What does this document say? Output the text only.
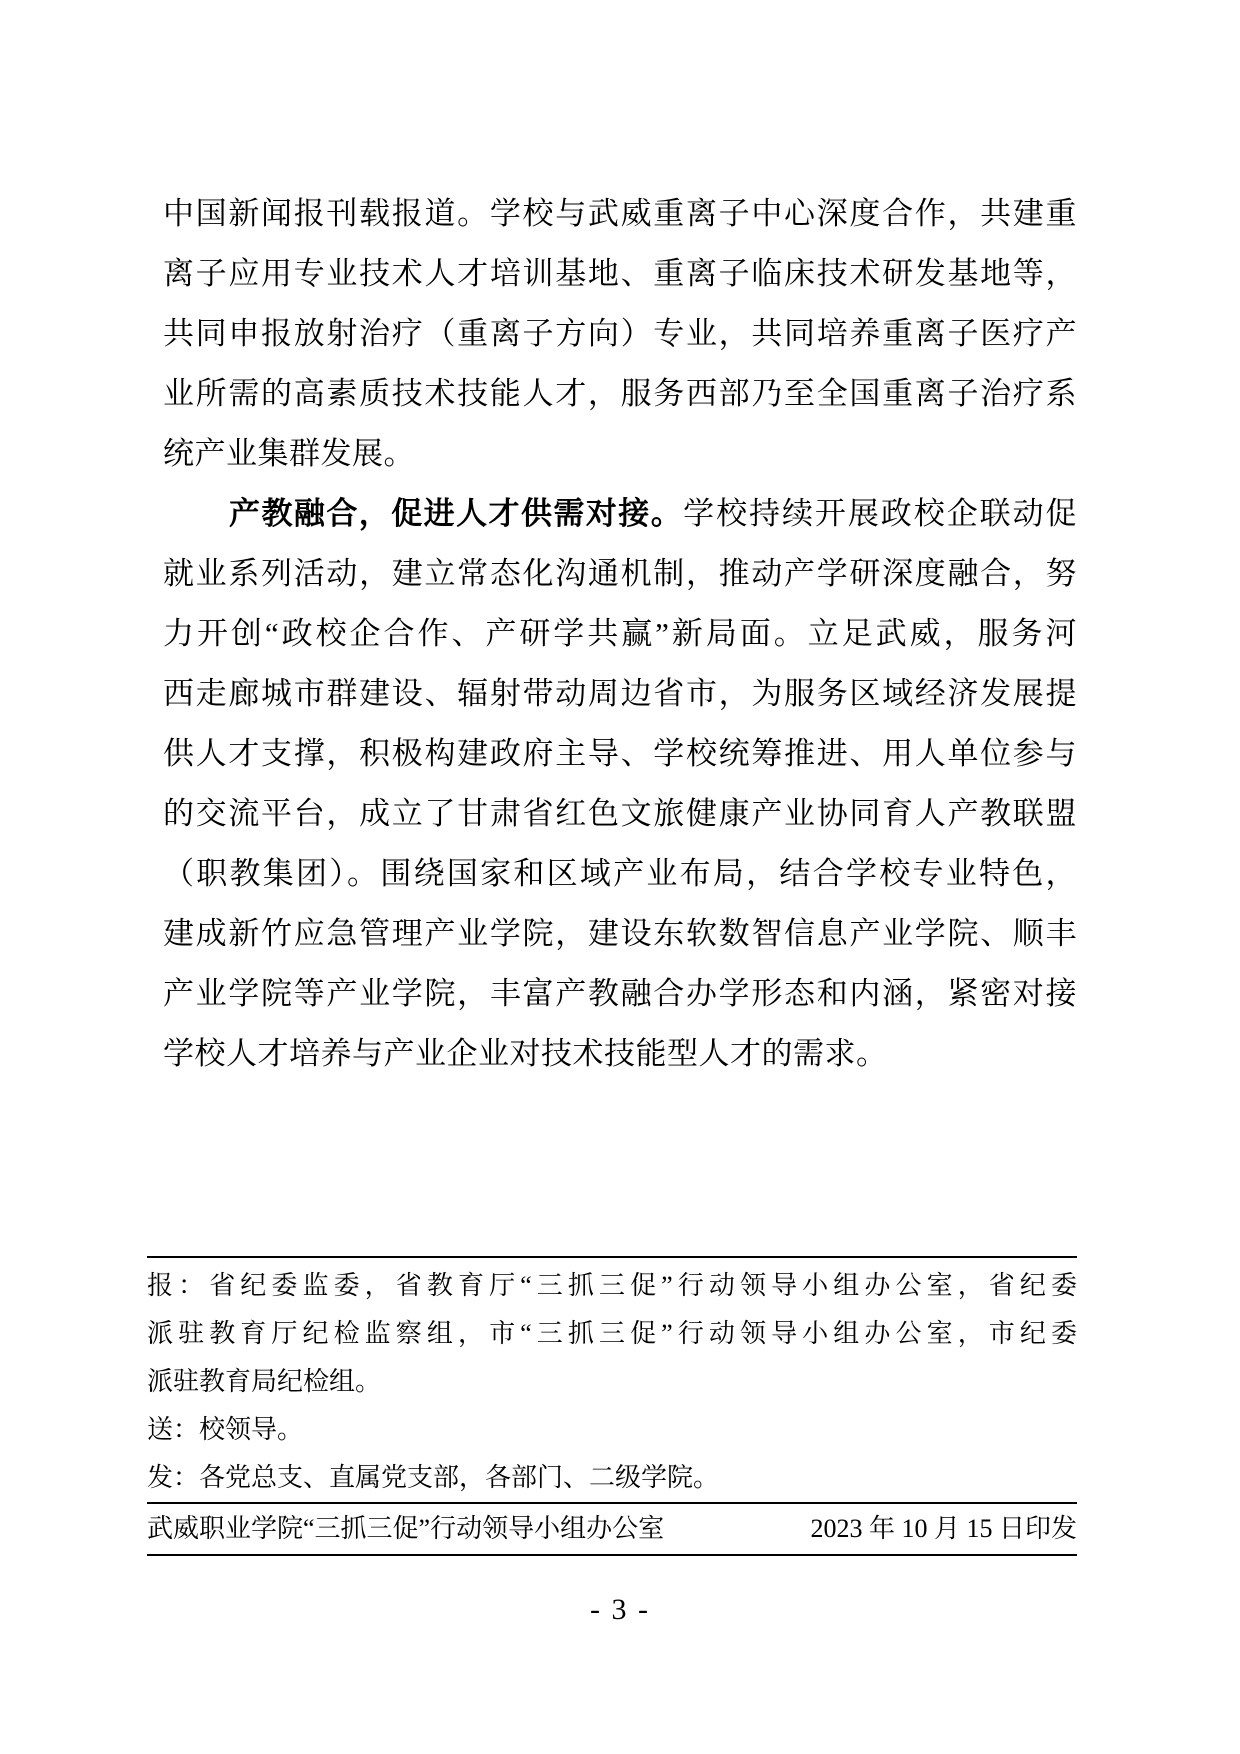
中国新闻报刊载报道。学校与武威重离子中心深度合作，共建重
离子应用专业技术人才培训基地、重离子临床技术研发基地等，
共同申报放射治疗（重离子方向）专业，共同培养重离子医疗产
业所需的高素质技术技能人才，服务西部乃至全国重离子治疗系
统产业集群发展。
产教融合，促进人才供需对接。学校持续开展政校企联动促
就业系列活动，建立常态化沟通机制，推动产学研深度融合，努
力开创“政校企合作、产研学共赢”新局面。立足武威，服务河
西走廊城市群建设、辐射带动周边省市，为服务区域经济发展提
供人才支撑，积极构建政府主导、学校统筹推进、用人单位参与
的交流平台，成立了甘肃省红色文旅健康产业协同育人产教联盟
（职教集团）。围绕国家和区域产业布局，结合学校专业特色，
建成新竹应急管理产业学院，建设东软数智信息产业学院、顺丰
产业学院等产业学院，丰富产教融合办学形态和内涵，紧密对接
学校人才培养与产业企业对技术技能型人才的需求。
报：省纪委监委，省教育厅“三抓三促”行动领导小组办公室，省纪委
派驻教育厅纪检监察组，市“三抓三促”行动领导小组办公室，市纪委
派驻教育局纪检组。
送：校领导。
发：各党总支、直属党支部，各部门、二级学院。
武威职业学院“三抓三促”行动领导小组办公室	2023 年 10 月 15 日印发
- 3 -
